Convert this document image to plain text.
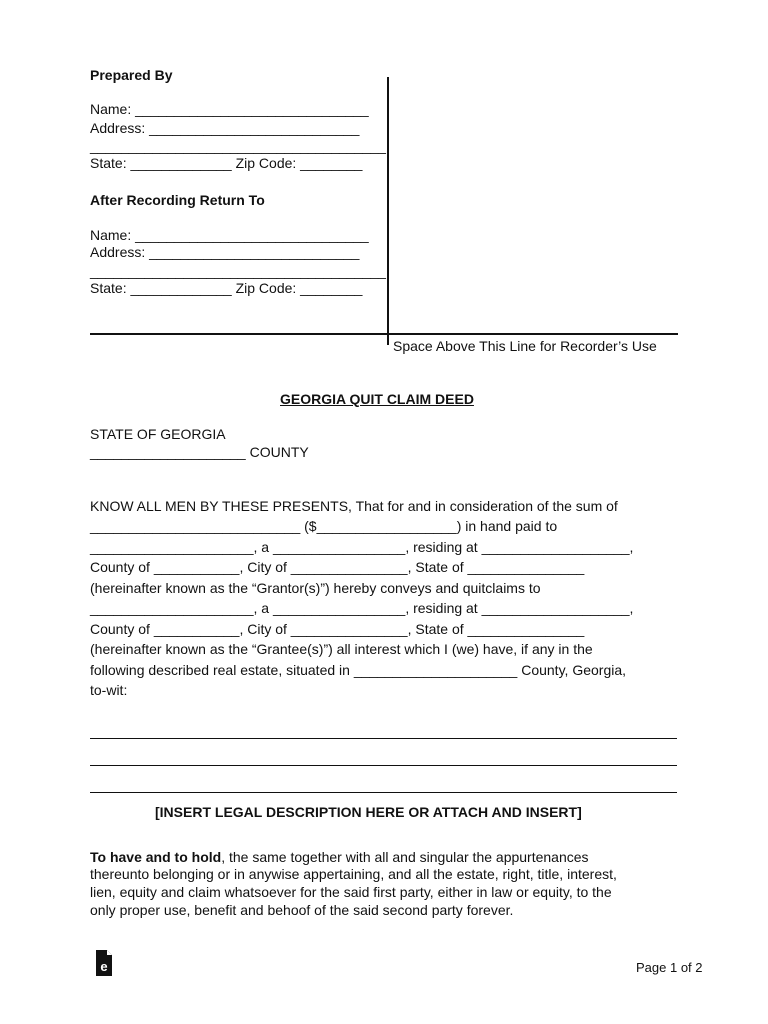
Prepared By
Name: ______________________________
Address: ___________________________
______________________________________
State: _____________ Zip Code: ________
After Recording Return To
Name: ______________________________
Address: ___________________________
______________________________________
State: _____________ Zip Code: ________
Space Above This Line for Recorder’s Use
GEORGIA QUIT CLAIM DEED
STATE OF GEORGIA
____________________ COUNTY
KNOW ALL MEN BY THESE PRESENTS, That for and in consideration of the sum of
___________________________ ($__________________) in hand paid to
_____________________, a _________________, residing at ___________________,
County of ___________, City of _______________, State of _______________
(hereinafter known as the “Grantor(s)”) hereby conveys and quitclaims to
_____________________, a _________________, residing at ___________________,
County of ___________, City of _______________, State of _______________
(hereinafter known as the “Grantee(s)”) all interest which I (we) have, if any in the
following described real estate, situated in _____________________ County, Georgia,
to-wit:
[INSERT LEGAL DESCRIPTION HERE OR ATTACH AND INSERT]
To have and to hold, the same together with all and singular the appurtenances
thereunto belonging or in anywise appertaining, and all the estate, right, title, interest,
lien, equity and claim whatsoever for the said first party, either in law or equity, to the
only proper use, benefit and behoof of the said second party forever.
e	Page 1 of 2
